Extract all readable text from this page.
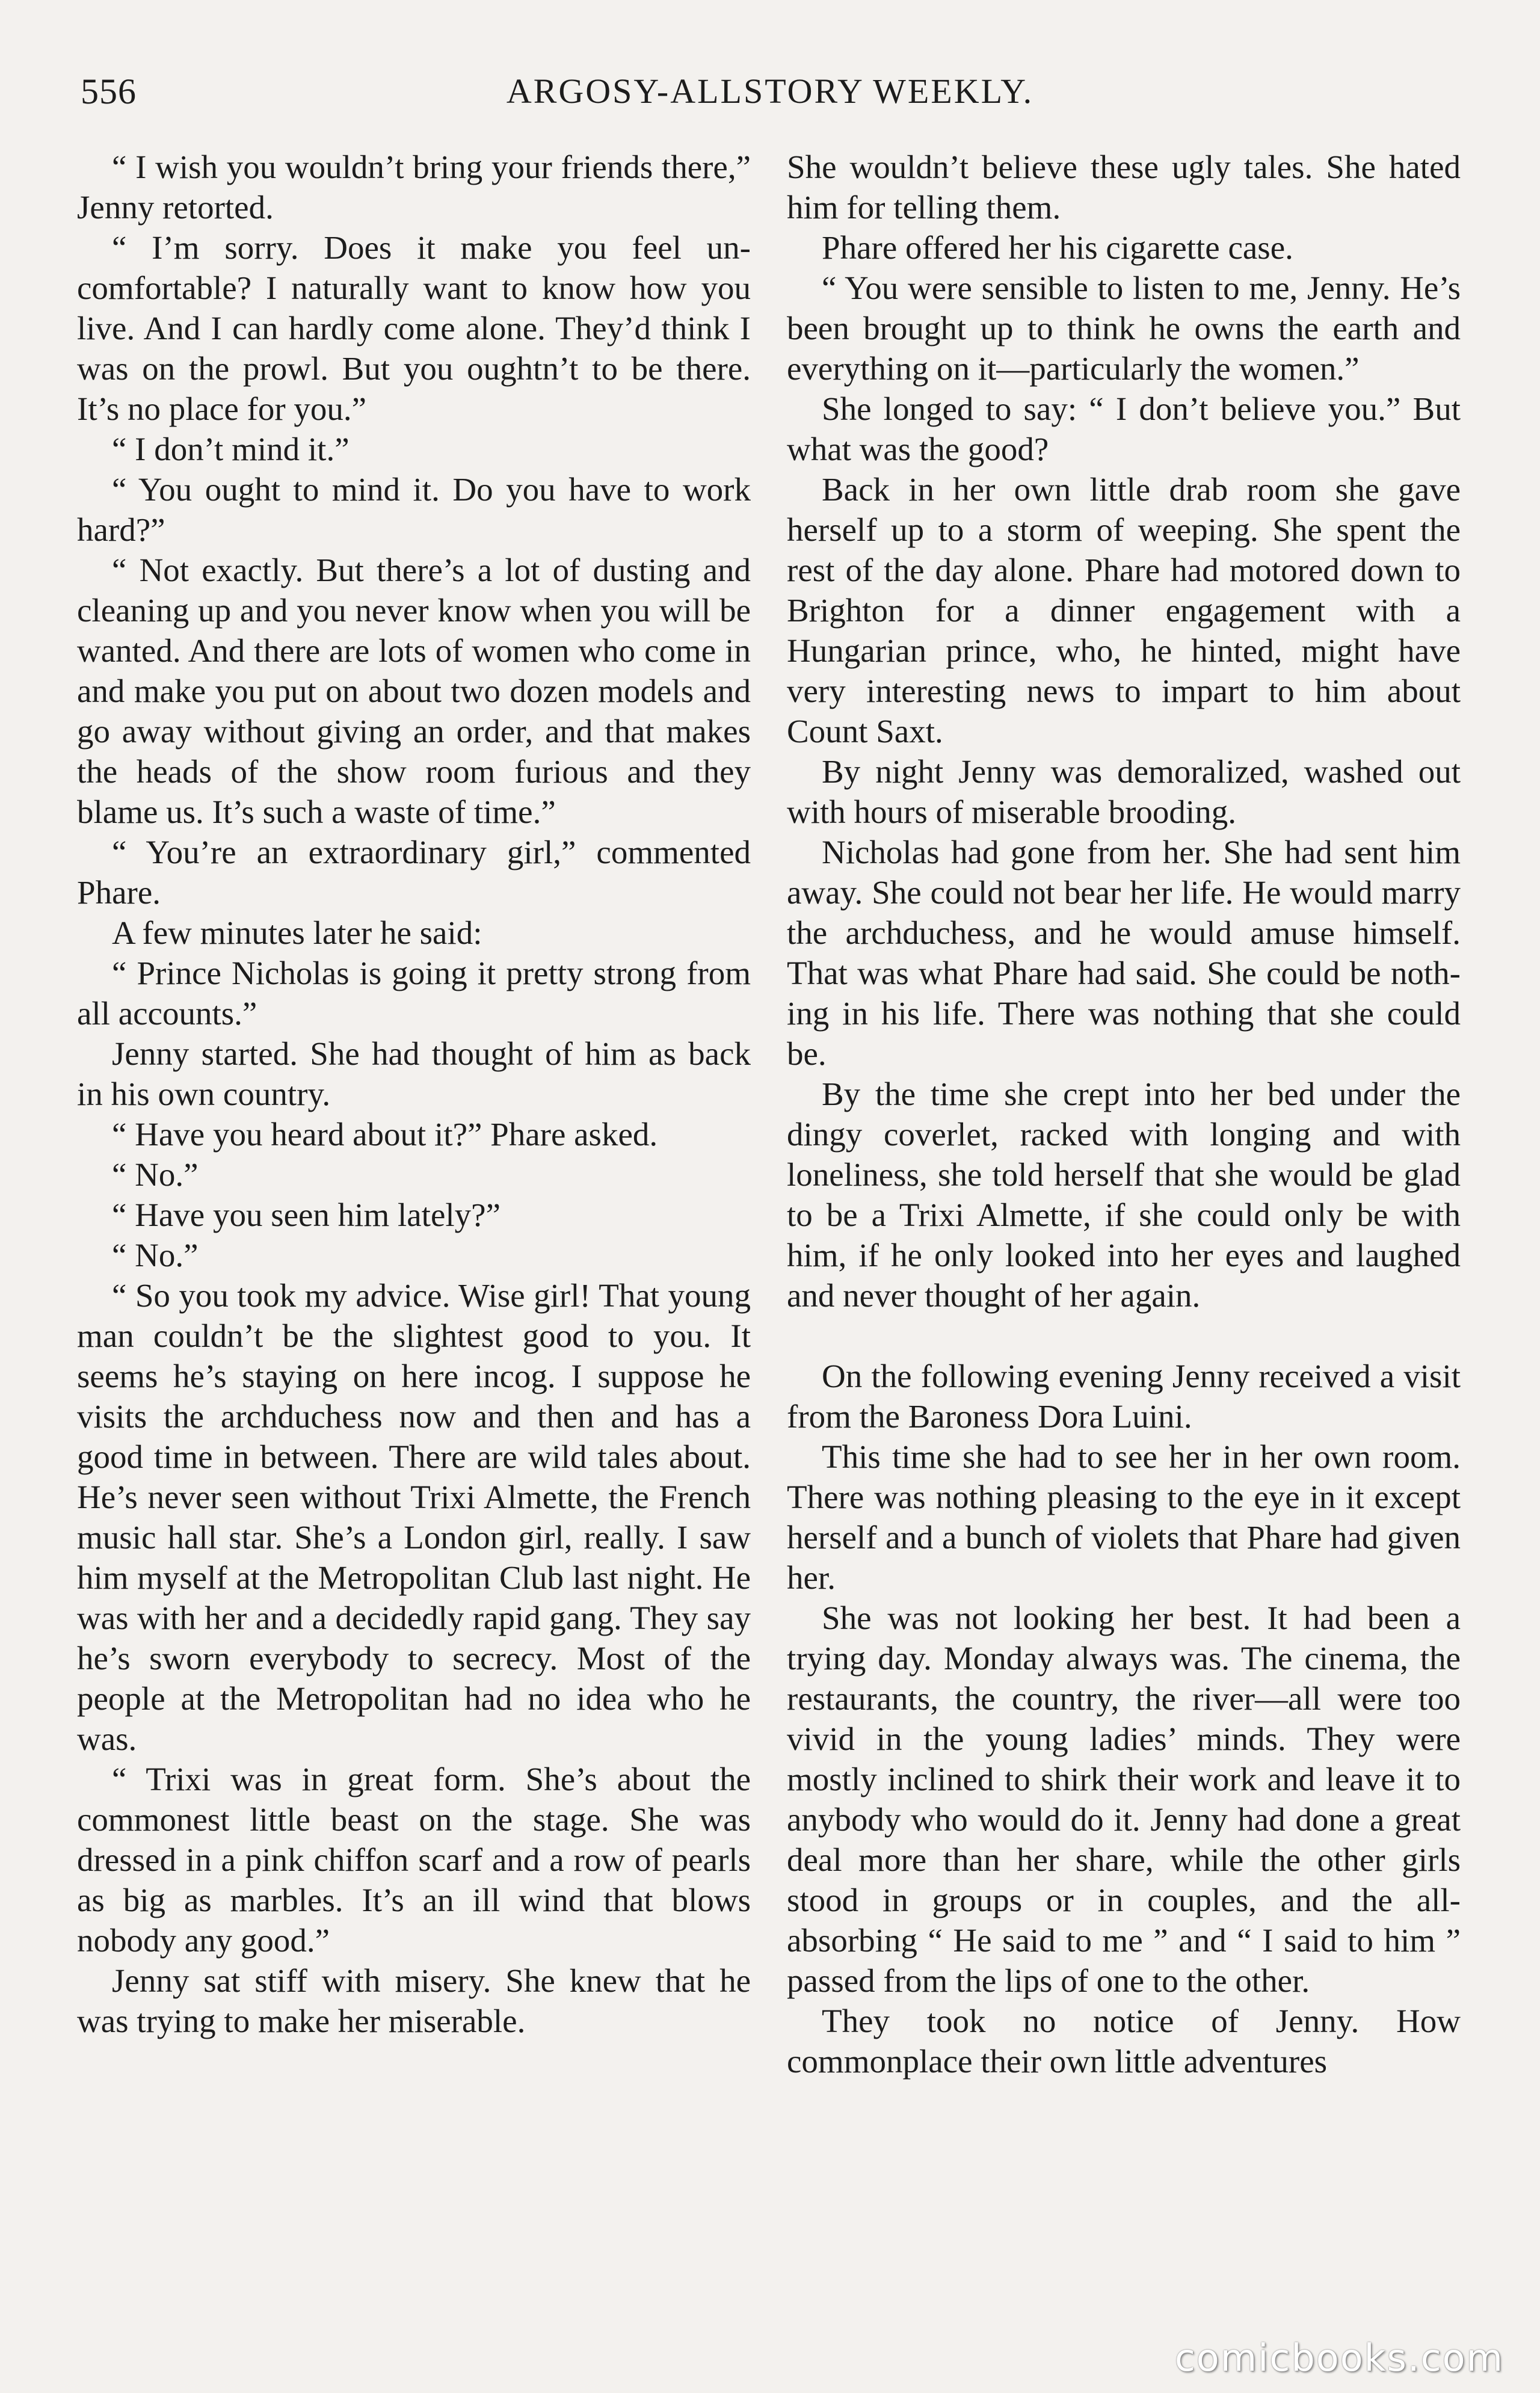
556	ARGOSY-ALLSTORY WEEKLY.

“ I wish you wouldn’t bring your friends there,” Jenny retorted.

“ I’m sorry. Does it make you feel uncomfortable? I naturally want to know how you live. And I can hardly come alone. They’d think I was on the prowl. But you oughtn’t to be there. It’s no place for you.”

“ I don’t mind it.”

“ You ought to mind it. Do you have to work hard?”

“ Not exactly. But there’s a lot of dusting and cleaning up and you never know when you will be wanted. And there are lots of women who come in and make you put on about two dozen models and go away without giving an order, and that makes the heads of the show room furious and they blame us. It’s such a waste of time.”

“ You’re an extraordinary girl,” commented Phare.

A few minutes later he said:

“ Prince Nicholas is going it pretty strong from all accounts.”

Jenny started. She had thought of him as back in his own country.

“ Have you heard about it?” Phare asked.

“ No.”

“ Have you seen him lately?”

“ No.”

“ So you took my advice. Wise girl! That young man couldn’t be the slightest good to you. It seems he’s staying on here incog. I suppose he visits the archduchess now and then and has a good time in between. There are wild tales about. He’s never seen without Trixi Almette, the French music hall star. She’s a London girl, really. I saw him myself at the Metropolitan Club last night. He was with her and a decidedly rapid gang. They say he’s sworn everybody to secrecy. Most of the people at the Metropolitan had no idea who he was.

“ Trixi was in great form. She’s about the commonest little beast on the stage. She was dressed in a pink chiffon scarf and a row of pearls as big as marbles. It’s an ill wind that blows nobody any good.”

Jenny sat stiff with misery. She knew that he was trying to make her miserable.

She wouldn’t believe these ugly tales. She hated him for telling them.

Phare offered her his cigarette case.

“ You were sensible to listen to me, Jenny. He’s been brought up to think he owns the earth and everything on it—particularly the women.”

She longed to say: “ I don’t believe you.” But what was the good?

Back in her own little drab room she gave herself up to a storm of weeping. She spent the rest of the day alone. Phare had motored down to Brighton for a dinner engagement with a Hungarian prince, who, he hinted, might have very interesting news to impart to him about Count Saxt.

By night Jenny was demoralized, washed out with hours of miserable brooding.

Nicholas had gone from her. She had sent him away. She could not bear her life. He would marry the archduchess, and he would amuse himself. That was what Phare had said. She could be nothing in his life. There was nothing that she could be.

By the time she crept into her bed under the dingy coverlet, racked with longing and with loneliness, she told herself that she would be glad to be a Trixi Almette, if she could only be with him, if he only looked into her eyes and laughed and never thought of her again.

On the following evening Jenny received a visit from the Baroness Dora Luini.

This time she had to see her in her own room. There was nothing pleasing to the eye in it except herself and a bunch of violets that Phare had given her.

She was not looking her best. It had been a trying day. Monday always was. The cinema, the restaurants, the country, the river—all were too vivid in the young ladies’ minds. They were mostly inclined to shirk their work and leave it to anybody who would do it. Jenny had done a great deal more than her share, while the other girls stood in groups or in couples, and the all-absorbing “ He said to me ” and “ I said to him ” passed from the lips of one to the other.

They took no notice of Jenny. How commonplace their own little adventures

comicbooks.com
